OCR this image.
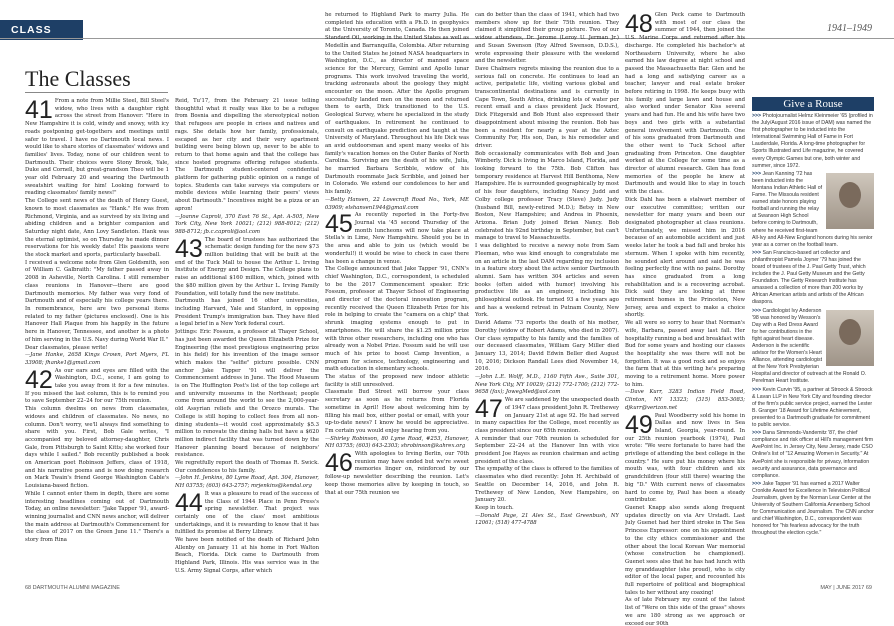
CLASS NOTES
1941–1949
The Classes
41 From a note from Millie Steel, Bill Steel's widow, who lives with a daughter right across the street from Hanover: "Here in New Hampshire it is cold, windy and snowy, with icy roads postponing get-togethers and meetings until safer to travel. I have no Dartmouth local news. I would like to share stories of classmates' widows and families' lives. Today, none of our children went to Dartmouth. Their choices were Stony Brook, Yale, Duke and Cornell, but great-grandson Theo will be 1 year old February 20 and wearing the Dartmouth sweatshirt waiting for him! Looking forward to reading classmates' family news!"

The College sent news of the death of Henry Guest, known to most classmates as "Hank." He was from Richmond, Virginia, and as survived by six living and abiding children and a brighter companion and Saturday night date, Ann Lovy Sandleton. Hank was the eternal optimist, so on Thursday he made dinner reservations for his weekly date! His passions were the stock market and sports, particularly baseball.

I received a welcome note from Glen Goldsmith, son of William C. Galbraith: "My father passed away in 2008 in Asheville, North Carolina. I still remember class reunions in Hanover—there are good Dartmouth memories. My father was very fond of Dartmouth and of especially his college years there. In remembrance, here are two personal items related to my father (pictures enclosed). One is his Hanover Hall Plaque from his happily in the future here in Hanover, Tennessee, and another is a photo of him serving in the U.S. Navy during World War II."

Dear classmates, please write!

—Jane Hanke, 2658 Kings Crown, Port Myers, FL 33908; fhanke1@gmail.com

42 As our ears and eyes are filled with the Washington, D.C., scene, I am going to take you away from it for a few minutes. If you missed the last column, this is to remind you to save September 22–24 for our 75th reunion.

This column dwelms on news from classmates, widows and children of classmates. No news, no column. Don't worry, we'll always find something to share with you. First, Bob Gale writes, "I accompanied my beloved attorney-daughter, Chris Gale, from Pittsburgh to Saint Kitts; she worked four days while I sailed." Bob recently published a book on American poet Robinson Jeffers, class of 1918, and his narrative poems and is now doing research on Mark Twain's friend George Washington Cable's Louisiana-based fiction.

While I cannot enter them in depth, there are some interesting headlines coming out of Dartmouth Today, an online newsletter: "Jake Tapper '91, award-winning journalist and CNN news anchor, will deliver the main address at Dartmouth's Commencement for the class of 2017 on the Green June 11." There's a story from Rina

Reid, Tu'17, from the February 21 issue telling thoughtful what it really was like to be a refugee from Bosnia and dispelling the stereotypical notion that refugees are people in crises and natives and rags. She details how her family, professionals, escaped as her city and their very apartment building were being blown up, never to be able to return to that home again and that the college has since hosted programs offering refugee students. The Dartmouth student-centered confidential platform for gathering public opinion on a range of topics. Students can take surveys via computers or mobile devices while learning their peers' views about Dartmouth." Incentives might be a pizza or an apron!

—Joanne Caproli, 370 East 76 St., Apt. A-505, New York City, New York 10021; (212) 988-8012; (212) 988-8712; jb.c.caproli@aol.com

43 The board of trustees has authorized the schematic design funding for the new $73 million building that will be built at the end of the Tuck Mall to house the Arthur L. Irving Institute of Energy and Design. The College plans to raise an additional $160 million, which, joined with the $80 million given by the Arthur L. Irving Family Foundation, will totally fund the new institute.

Dartmouth has joined 16 other universities, including Harvard, Yale and Stanford, in opposing President Trump's immigration ban. They have filed a legal brief in a New York federal court.

Jottings: Eric Fossum, a professor at Thayer School, has just been awarded the Queen Elizabeth Prize for Engineering (the most prestigious engineering prize in his field) for his invention of the image sensor which makes the "selfie" picture possible. CNN anchor Jake Tapper '91 will deliver the Commencement address in June. The Hood Museum is on The Huffington Post's list of the top college art and university museums in the Northeast; people come from around the world to see the 2,000-year-old Assyrian reliefs and the Orozco murals. The College is still hoping to collect fees from all non-dining students—it would cost approximately $5.3 million to renovate the dining halls but have a $620 million indirect facility that was turned down by the Hanover planning board because of neighbors' resistance.

We regretfully report the death of Thomas R. Swick. Our condolences to his family.

—John H. Jenkins, 80 Lyme Road, Apt. 304, Hanover, NH 03755; (603) 643-2757; mrjenkins@kendal.org

44 It was a pleasure to read of the success of the Class of 1944 Place in Penn Press's spring newsletter. That project was certainly one of the class' most ambitious undertakings, and it is rewarding to know that it has fulfilled its promise at Berry Library.

We have been notified of the death of Richard John Allenby on January 11 at his home in Fort Walton Beach, Florida. Dick came to Dartmouth from Highland Park, Illinois. His was service was in the U.S. Army Signal Corps, after which

he returned to Highland Park to marry Julia. He completed his education with a Ph.D. in geophysics at the University of Toronto, Canada. He then joined Standard Oil, working in the United States as well as Medellín and Barranquilla, Colombia. After returning to the United States he joined NASA headquarters in Washington, D.C., as director of manned space science for the Mercury, Gemini and Apollo lunar programs. This work involved traveling the world, tracking astronauts about the geology they might encounter on the moon. After the Apollo program successfully landed men on the moon and returned them to earth, Dick transitioned to the U.S. Geological Survey, where he specialized in the study of earthquakes. In retirement he continued to consult on earthquake prediction and taught at the University of Maryland. Throughout his life Dick was an avid outdoorsman and spent many weeks of his family's vacation homes on the Outer Banks of North Carolina. Surviving are the death of his wife, Julia, he married Barbara Scribble, widow of his Dartmouth roommate Jack Scribble, and joined her in Colorado. We extend our condolences to her and his family.

—Betty Hansen, 22 Lovecraft Road No., York, ME 03909; elshansen1944@gmail.com

45 As recently reported in the Forty-five Journal via '45 second Thursday of the month luncheons will now take place at Stella's in Lime, New Hampshire. Should you be in the area and able to join us (which would be wonderful!) it would be wise to check in case there has been a change in venue.

The College announced that Jake Tapper '91, CNN's chief Washington, D.C., correspondent, is scheduled to be the 2017 Commencement speaker. Eric Fossum, professor at Thayer School of Engineering and director of the doctoral innovation program, recently received the Queen Elizabeth Prize for his role in helping to create the "camera on a chip" that shrunk imaging systems enough to put in smartphones. He will share the $1.25 million prize with three other researchers, including one who has already won a Nobel Prize. Fossum said he will use much of his prize to boost Camp Invention, a program for science, technology, engineering and math education in elementary schools.

The status of the proposed new indoor athletic facility is still unresolved.

Classmate Bud Street will borrow your class secretary as soon as he returns from Florida sometime in April! How about welcoming him by filling his mail box, either postal or email, with your up-to-date news? I know he would be appreciative. I'm certain you would enjoy hearing from you.

—Shirley Robinson, 80 Lyme Road, #253, Hanover, NH 03755; (603) 643-2303; shrobinson@kahrex.org

46 With apologies to Irving Berlin, our 70th reunion may have ended but we're sweet memories linger on, reinforced by our follow-up newsletter describing the reunion. Let's keep those memories alive by keeping in touch, so that at our 75th reunion we

can do better than the class of 1941, which had two members show up for their 75th reunion. They claimed it simplified their group picture. Two of our widow attendees, Dr. Jerome (Leroy U. Jerman Jr.) and Susan Swenson (Roy Alfred Swenson, D.D.S.), wrote expressing their pleasure with the weekend and the newsletter.

Dave Chalmers regrets missing the reunion due to a serious fall on concrete. He continues to lead an active, peripatetic life, visiting various global and transcontinental destinations and is currently in Cape Town, South Africa, drinking lots of water per recent email and a class president Jack Howard, Dick Fitzgerald and Bob Hunt also expressed their disappointment about missing the reunion. Bob has been a resident for nearly a year at the Aztec Community For, His son, Dan, is his remodeler and driver.

Bob occasionally communicates with Bob and Joan Wimberly. Dick is living in Marco Island, Florida, and looking forward to the 75th. Bob Clifton has temporary residence at Harvest Hill Benthoma, New Hampshire. He is surrounded geographically by most of his four daughters, including Nancy Judd and Colby college professor Tracy (Steve) Judy. Judy (husband Bill, newly-retired M.D.); Betsy in New Boston, New Hampshire; and Andrea in Phoenix, Arizona. Brian Judy joined Brian Nancy. Bob celebrated his 92nd birthday in September, but can't manage to travel to Massachusetts.

I was delighted to receive a newsy note from Sam Fleeman, who was kind enough to congratulate me on an article in the last DAM regarding my inclusion in a feature story about the active senior Dartmouth alumni. Sam has written 304 articles and seven books (often aided with humor) involving his productive life as an engineer, including his philosophical outlook. He turned 93 a few years ago and has a weekend retreat in Putnam County, New York.

David Adams '73 reports the death of his mother, Dorothy (widow of Robert Adams, who died in 2007). Our class sympathy to his family and the families of our deceased classmates, William Gary Miller died January 13, 2014; David Edwin Beller died August 10, 2016; Dickson Randall Lees died November 14, 2016.

—John L.E. Wolff, M.D., 1160 Fifth Ave., Suite 301, New York City, NY 10029; (212) 772-1700; (212) 772-9658 (fax); JowegMed@aol.com

47 We are saddened by the unexpected death of 1947 class president John R. Trethewey on January 21st at age 92. He had served in many capacities for the College, most recently as class president since our 65th reunion.

A reminder that our 70th reunion is scheduled for September 22–24 at the Hanover Inn with vice president Joe Hayes as reunion chairman and acting president of the class.

The sympathy of the class is offered to the families of classmates who died recently: John H. Archibald of Seattle on December 14, 2016, and John R. Trethewey of New London, New Hampshire, on January 20.

Keep in touch.

—Donald Page, 21 Alex St., East Greenbush, NY 12061; (518) 477-4788

48 Glen Peck came to Dartmouth with most of our class the summer of 1944, then joined the U.S. Marine Corps and returned after his discharge. He completed his bachelor's at Northeastern University, where he also earned his law degree at night school and passed the Massachusetts Bar. Glen and he had a long and satisfying career as a teacher, lawyer and real estate broker before retiring in 1998. He keeps busy with his family and large lawn and house and also worked under Senator Kiss several years and had fun. He and his wife have two boys and two girls with a substantial general involvement with Dartmouth. One of his sons graduated from Dartmouth and the other went to Tuck School after graduating from Princeton. One daughter worked at the College for some time as a director of alumni research. Glen has fond memories of the people he knew at Dartmouth and would like to stay in touch with the class.

Dick Dahl has been a stalwart member of our executive committee; written our newsletter for many years and been our designated photographer at class reunions. Unfortunately, we missed him in 2016 because of an automobile accident and just weeks later he took a bad fall and broke his sternum. When I spoke with him recently, he sounded alert around and said he was feeling perfectly fine with no pains. Dorothy has since graduated from a long rehabilitation and is a recovering acrobat. Dick said they are looking at three retirement homes in the Princeton, New Jersey, area and expect to make a choice shortly.

We all were so sorry to hear that Norman's wife, Barbara, passed away last fall. Her hospitality running a bed and breakfast with Bud for some years and hosting our classes the hospitality she was there will not be forgotten. It was a good rock and so enjoys the farm that at this writing he's preparing moving to a retirement home. More power to him.

—Dave Kurr, 3283 Indian Field Road, Clinton, NY 13323; (315) 853-3083; djkurr@verizon.net

49 Paul Woodberry sold his home in Dallas and now lives in Sea Island, Georgia, year-round. In our 25th reunion yearbook (1974), Paul wrote: "We were fortunate to have had the privilege of attending the best college in the country." He sure put his money where his mouth was, with four children and six grandchildren (four still there) wearing the big "D." With current news of classmates hard to come by, Paul has been a steady contributor.

Guenet Knapp also sends along frequent updates directly on via Arv Urstadt. Last July Guenet had her third stroke in The Sea Princess Expressor: one on his appointment to the city ethics commissioner and the other about the local Korean War memorial (whose construction he championed). Guenet sees also that he has had lunch with my granddaughter (she proud), who is city editor of the local paper, and recounted his full repertoire of political and biographical tales to her without any coaxing!

As of late February my count of the latest list of "Were on this side of the grass" shows we are 180 strong as we approach or exceed our 90th

Give a Rouse
>>> Photojournalist Helmz Kleinmeier '65 (profiled in the July/August 2016 issue of DAM) was named the first photographer to be inducted into the International Swimming Hall of Fame in Fort Lauderdale, Florida. A long-time photographer for Sports Illustrated and Life magazine, he covered every Olympic Games but one, both winter and summer, since 1972.
>>> Jean Kanning '72 has been inducted into the Montana Indian Athletic Hall of Fame. The Missoula resident earned state honors playing football and running the relay at Swanson High School before coming to Dartmouth, where he received first-team All-Ivy and All-New England honors during his senior year as a corner on the football team.
>>> San Francisco-based art collector and philanthropist Pamela Joyner '79 has joined the board of trustees of the J. Paul Getty Trust, which includes the J. Paul Getty Museum and the Getty Foundation. The Getty Research Institute has amassed a collection of more than 200 works by African American artists and artists of the African diaspora.
>>> Cardiologist Ivy Anderson '98 was honored by Wesson's Day with a Red Dress Award for her contributions in the fight against heart disease. Anderson is the scientific advisor for the Women's Heart Alliance, attending cardiologist at the New York Presbyterian Hospital and director of outreach at the Ronald O. Perelman Heart Institute.
>>> Kevin Curvin '95, a partner at Stroock & Stroock & Lavan LLP in New York City and founding director of the firm's public service project, earned the Lester B. Granger '18 Award for Lifetime Achievement, presented to a Dartmouth graduate for commitment to public service.
>>> Dana Simmonds-Vandemitz '87, the chief compliance and risk officer at Hill's management firm AvePoint Inc. in Jersey City, New Jersey, made CSO Online's list of "12 Amazing Women in Security." At AvePoint she is responsible for privacy, information security and assurance, data governance and compliance.
>>> Jake Tapper '91 has earned a 2017 Walter Cronkite Award for Excellence in Television Political Journalism, given by the Norman Lear Center at the University of Southern California Annenberg School for Communication and Journalism. The CNN anchor and chief Washington, D.C., correspondent was honored for "his fearless advocacy for the truth throughout the election cycle."
68 DARTMOUTH ALUMNI MAGAZINE	MAY | JUNE 2017 69
